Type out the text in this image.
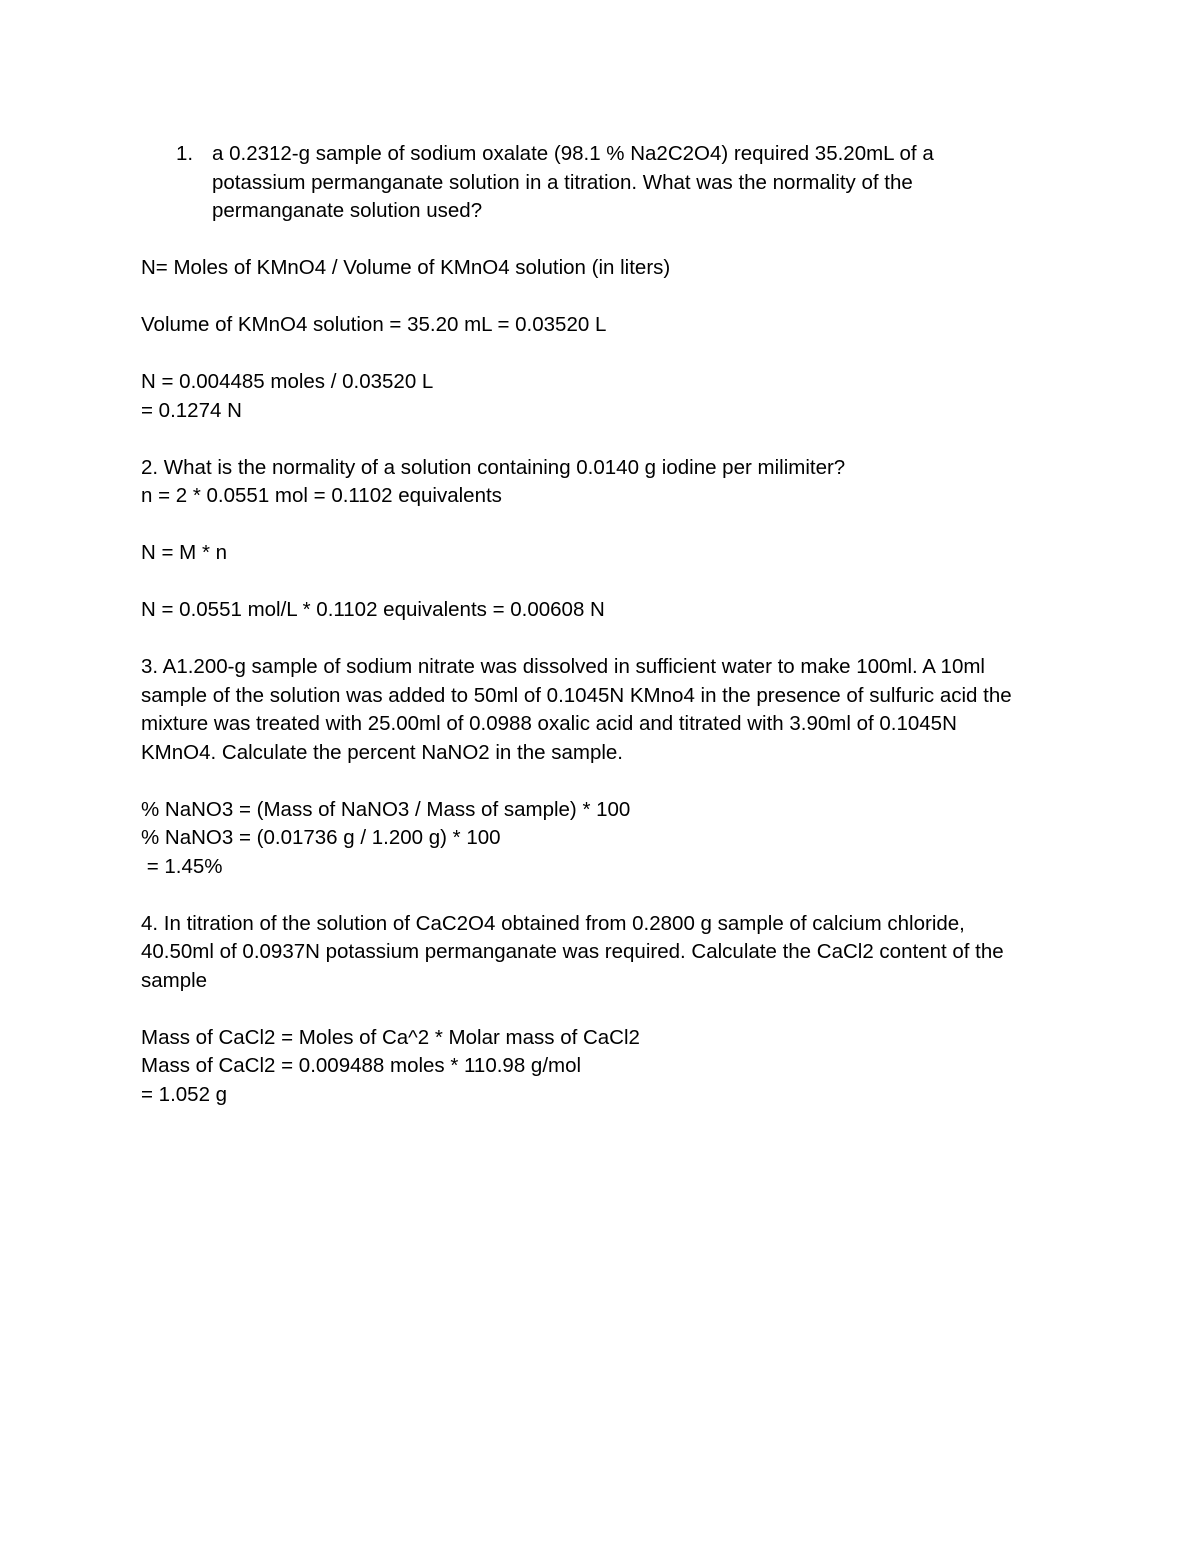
1. a 0.2312-g sample of sodium oxalate (98.1 % Na2C2O4) required 35.20mL of a
potassium permanganate solution in a titration. What was the normality of the
permanganate solution used?
N= Moles of KMnO4 / Volume of KMnO4 solution (in liters)
Volume of KMnO4 solution = 35.20 mL = 0.03520 L
N = 0.004485 moles / 0.03520 L
= 0.1274 N
2. What is the normality of a solution containing 0.0140 g iodine per milimiter?
n = 2 * 0.0551 mol = 0.1102 equivalents
N = M * n
N = 0.0551 mol/L * 0.1102 equivalents = 0.00608 N
3. A1.200-g sample of sodium nitrate was dissolved in sufficient water to make 100ml. A 10ml
sample of the solution was added to 50ml of 0.1045N KMno4 in the presence of sulfuric acid the
mixture was treated with 25.00ml of 0.0988 oxalic acid and titrated with 3.90ml of 0.1045N
KMnO4. Calculate the percent NaNO2 in the sample.
% NaNO3 = (Mass of NaNO3 / Mass of sample) * 100
% NaNO3 = (0.01736 g / 1.200 g) * 100
= 1.45%
4. In titration of the solution of CaC2O4 obtained from 0.2800 g sample of calcium chloride,
40.50ml of 0.0937N potassium permanganate was required. Calculate the CaCl2 content of the
sample
Mass of CaCl2 = Moles of Ca^2 * Molar mass of CaCl2
Mass of CaCl2 = 0.009488 moles * 110.98 g/mol
= 1.052 g
